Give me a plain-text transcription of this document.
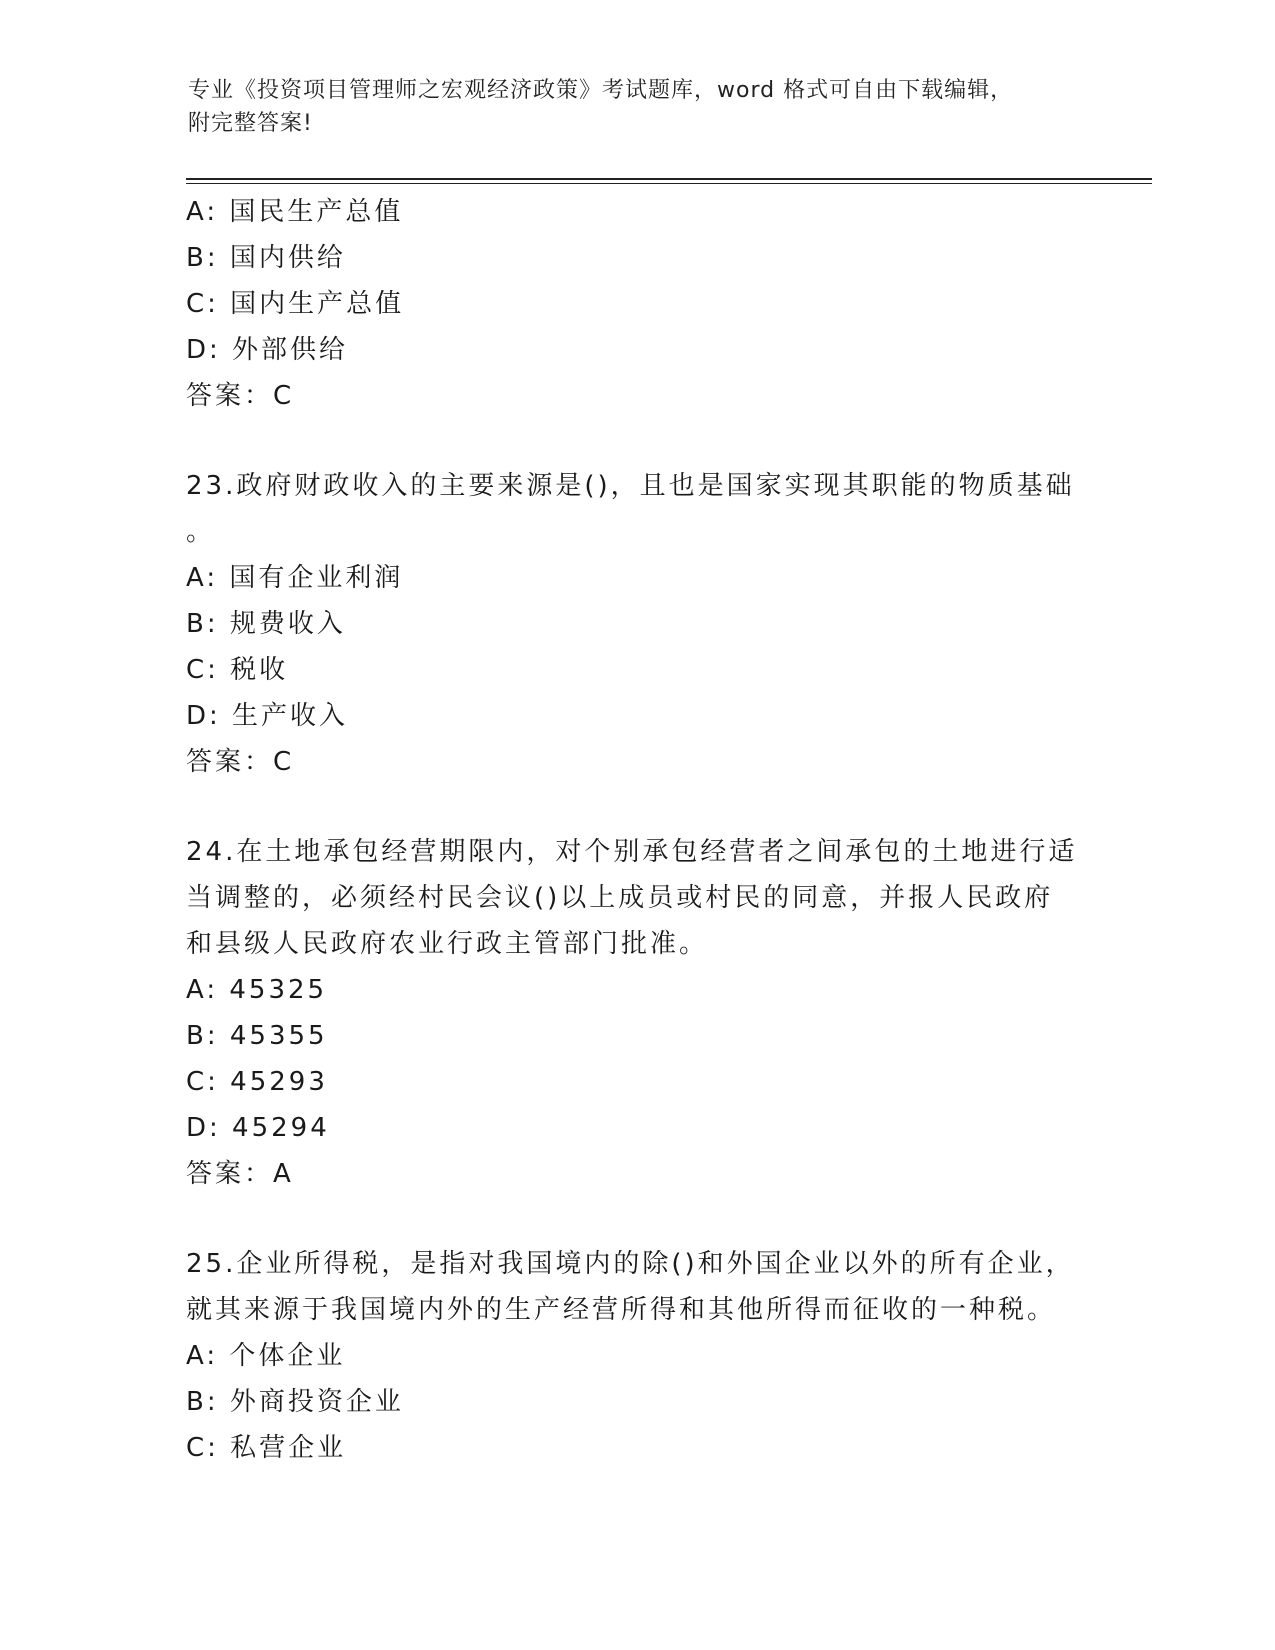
专业《投资项目管理师之宏观经济政策》考试题库，word 格式可自由下载编辑，
附完整答案!
A: 国民生产总值
B: 国内供给
C: 国内生产总值
D: 外部供给
答案：C
23.政府财政收入的主要来源是()，且也是国家实现其职能的物质基础
。
A: 国有企业利润
B: 规费收入
C: 税收
D: 生产收入
答案：C
24.在土地承包经营期限内，对个别承包经营者之间承包的土地进行适
当调整的，必须经村民会议()以上成员或村民的同意，并报人民政府
和县级人民政府农业行政主管部门批准。
A: 45325
B: 45355
C: 45293
D: 45294
答案：A
25.企业所得税，是指对我国境内的除()和外国企业以外的所有企业，
就其来源于我国境内外的生产经营所得和其他所得而征收的一种税。
A: 个体企业
B: 外商投资企业
C: 私营企业
